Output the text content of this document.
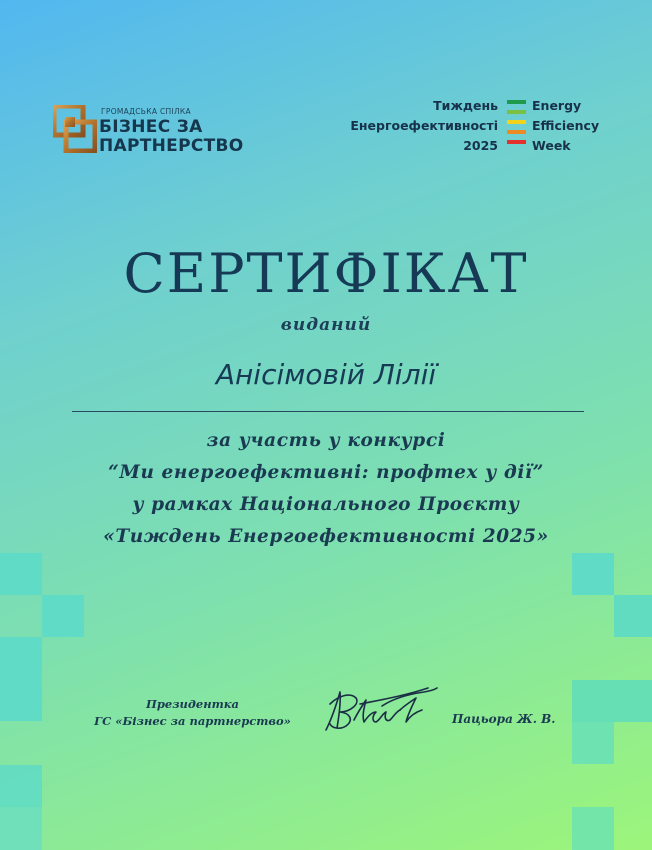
ГРОМАДСЬКА СПІЛКА
БІЗНЕС ЗА
ПАРТНЕРСТВО
Тиждень
Енергоефективності
2025
Energy
Efficiency
Week
СЕРТИФІКАТ
виданий
Анісімовій Лілії
за участь у конкурсі
“Ми енергоефективні: профтех у дії”
у рамках Національного Проєкту
«Тиждень Енергоефективності 2025»
Президентка
ГС «Бізнес за партнерство»	Пацьора Ж. В.
